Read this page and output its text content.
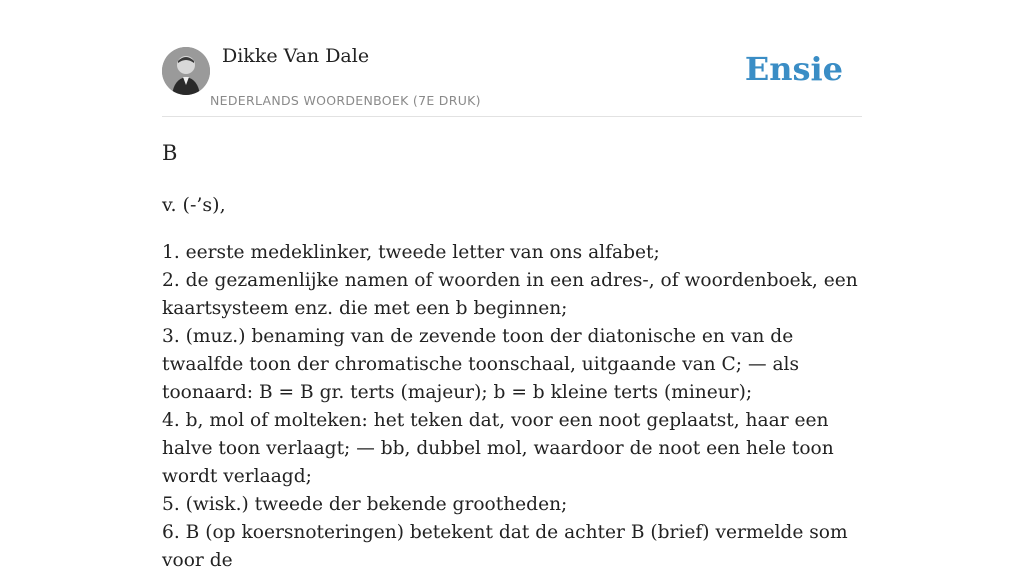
Dikke Van Dale
NEDERLANDS WOORDENBOEK (7E DRUK)
Ensie
B
v. (-’s),
1. eerste medeklinker, tweede letter van ons alfabet;
2. de gezamenlijke namen of woorden in een adres-, of woordenboek, een kaartsysteem enz. die met een b beginnen;
3. (muz.) benaming van de zevende toon der diatonische en van de twaalfde toon der chromatische toonschaal, uitgaande van C; — als toonaard: B = B gr. terts (majeur); b = b kleine terts (mineur);
4. b, mol of molteken: het teken dat, voor een noot geplaatst, haar een halve toon verlaagt; — bb, dubbel mol, waardoor de noot een hele toon wordt verlaagd;
5. (wisk.) tweede der bekende grootheden;
6. B (op koersnoteringen) betekent dat de achter B (brief) vermelde som voor de
